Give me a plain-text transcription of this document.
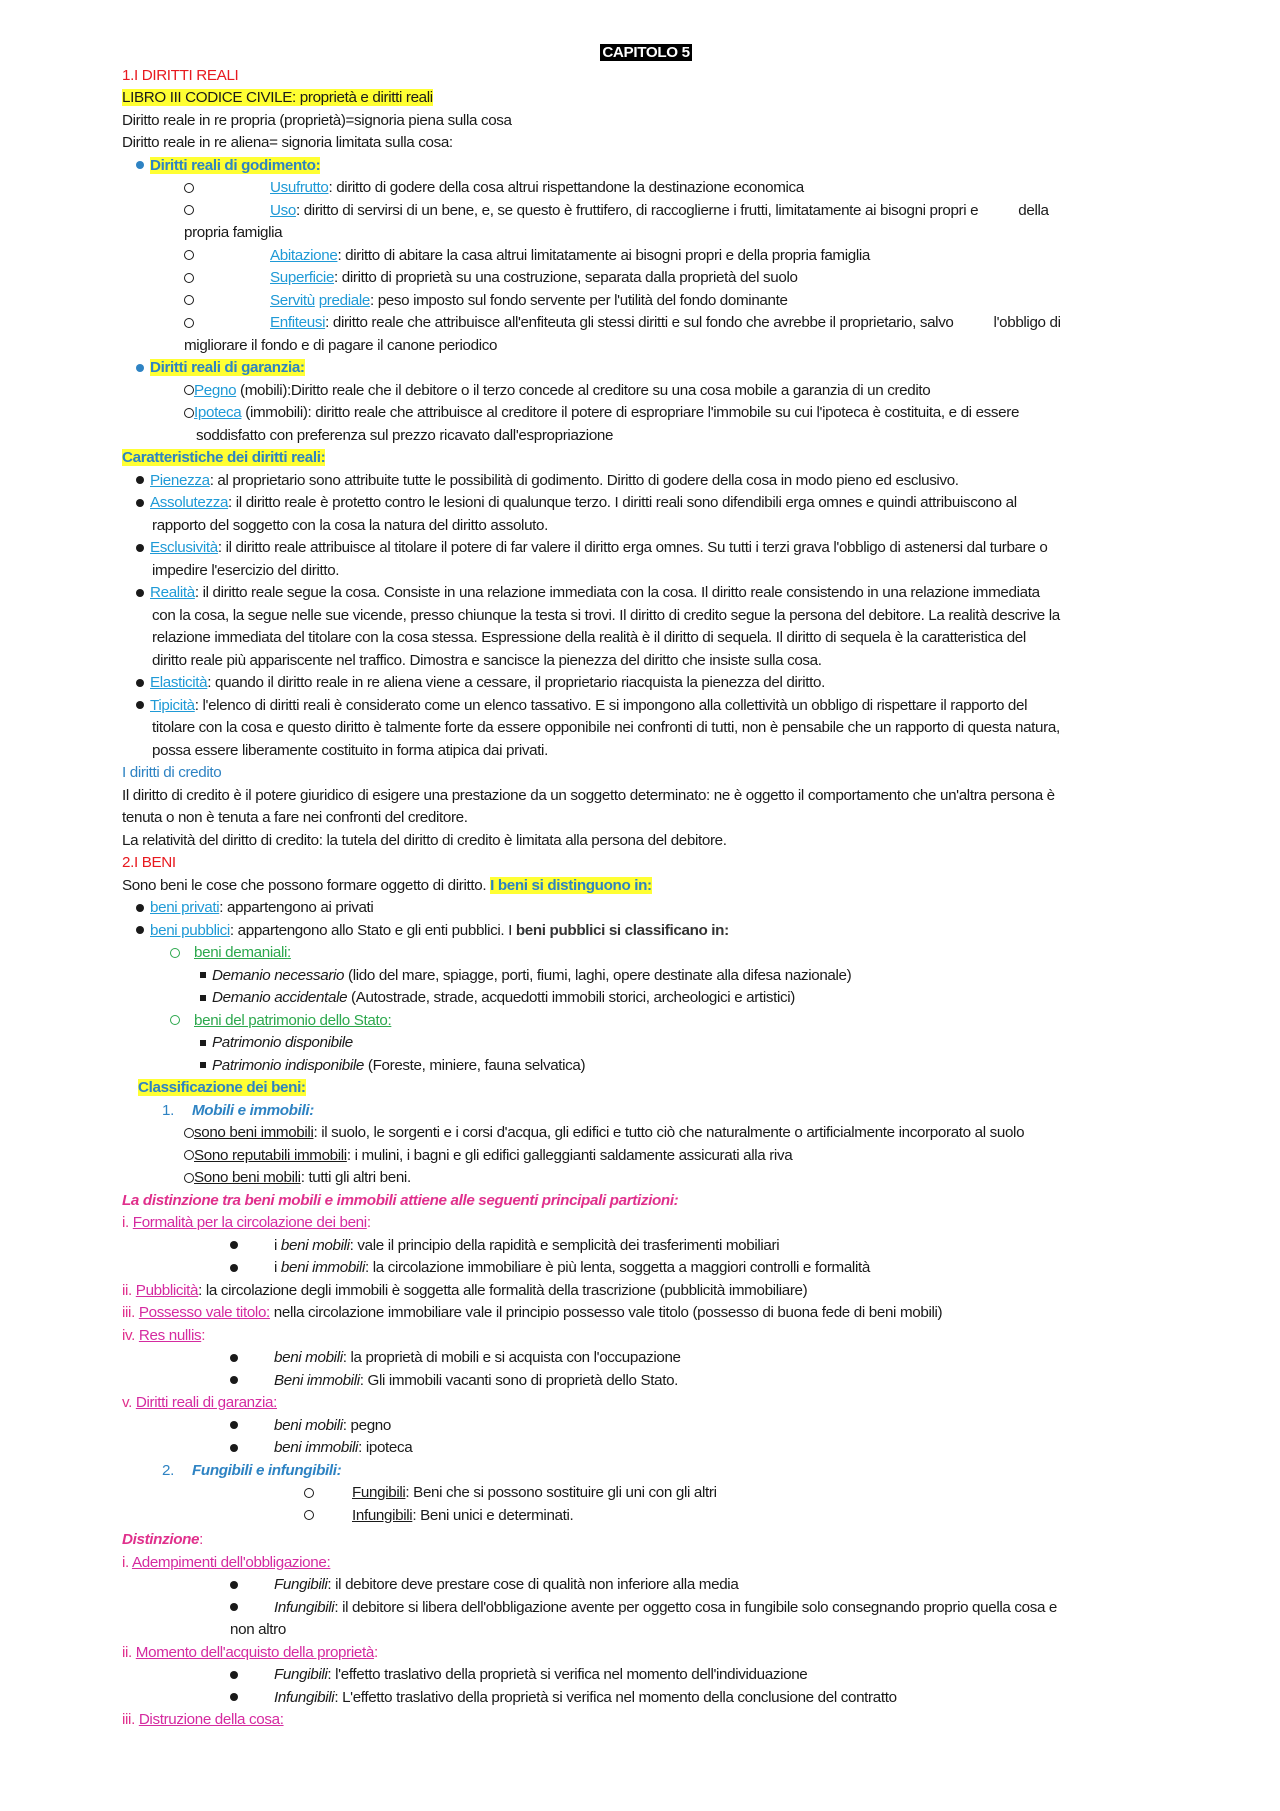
CAPITOLO 5
1.I DIRITTI REALI
LIBRO III CODICE CIVILE: proprietà e diritti reali
Diritto reale in re propria (proprietà)=signoria piena sulla cosa
Diritto reale in re aliena= signoria limitata sulla cosa:
Diritti reali di godimento:
Usufrutto: diritto di godere della cosa altrui rispettandone la destinazione economica
Uso: diritto di servirsi di un bene, e, se questo è fruttifero, di raccoglierne i frutti, limitatamente ai bisogni propri e	della
propria famiglia
Abitazione: diritto di abitare la casa altrui limitatamente ai bisogni propri e della propria famiglia
Superficie: diritto di proprietà su una costruzione, separata dalla proprietà del suolo
Servitù prediale: peso imposto sul fondo servente per l'utilità del fondo dominante
Enfiteusi: diritto reale che attribuisce all'enfiteuta gli stessi diritti e sul fondo che avrebbe il proprietario, salvo	l'obbligo di
migliorare il fondo e di pagare il canone periodico
Diritti reali di garanzia:
Pegno (mobili):Diritto reale che il debitore o il terzo concede al creditore su una cosa mobile a garanzia di un credito
Ipoteca (immobili): diritto reale che attribuisce al creditore il potere di espropriare l'immobile su cui l'ipoteca è costituita, e di essere
soddisfatto con preferenza sul prezzo ricavato dall'espropriazione
Caratteristiche dei diritti reali:
Pienezza: al proprietario sono attribuite tutte le possibilità di godimento. Diritto di godere della cosa in modo pieno ed esclusivo.
Assolutezza: il diritto reale è protetto contro le lesioni di qualunque terzo. I diritti reali sono difendibili erga omnes e quindi attribuiscono al
rapporto del soggetto con la cosa la natura del diritto assoluto.
Esclusività: il diritto reale attribuisce al titolare il potere di far valere il diritto erga omnes. Su tutti i terzi grava l'obbligo di astenersi dal turbare o
impedire l'esercizio del diritto.
Realità: il diritto reale segue la cosa. Consiste in una relazione immediata con la cosa. Il diritto reale consistendo in una relazione immediata
con la cosa, la segue nelle sue vicende, presso chiunque la testa si trovi. Il diritto di credito segue la persona del debitore. La realità descrive la
relazione immediata del titolare con la cosa stessa. Espressione della realità è il diritto di sequela. Il diritto di sequela è la caratteristica del
diritto reale più appariscente nel traffico. Dimostra e sancisce la pienezza del diritto che insiste sulla cosa.
Elasticità: quando il diritto reale in re aliena viene a cessare, il proprietario riacquista la pienezza del diritto.
Tipicità: l'elenco di diritti reali è considerato come un elenco tassativo. E si impongono alla collettività un obbligo di rispettare il rapporto del
titolare con la cosa e questo diritto è talmente forte da essere opponibile nei confronti di tutti, non è pensabile che un rapporto di questa natura,
possa essere liberamente costituito in forma atipica dai privati.
I diritti di credito
Il diritto di credito è il potere giuridico di esigere una prestazione da un soggetto determinato: ne è oggetto il comportamento che un'altra persona è
tenuta o non è tenuta a fare nei confronti del creditore.
La relatività del diritto di credito: la tutela del diritto di credito è limitata alla persona del debitore.
2.I BENI
Sono beni le cose che possono formare oggetto di diritto. I beni si distinguono in:
beni privati: appartengono ai privati
beni pubblici: appartengono allo Stato e gli enti pubblici. I beni pubblici si classificano in:
beni demaniali:
Demanio necessario (lido del mare, spiagge, porti, fiumi, laghi, opere destinate alla difesa nazionale)
Demanio accidentale (Autostrade, strade, acquedotti immobili storici, archeologici e artistici)
beni del patrimonio dello Stato:
Patrimonio disponibile
Patrimonio indisponibile (Foreste, miniere, fauna selvatica)
Classificazione dei beni:
1. Mobili e immobili:
sono beni immobili: il suolo, le sorgenti e i corsi d'acqua, gli edifici e tutto ciò che naturalmente o artificialmente incorporato al suolo
Sono reputabili immobili: i mulini, i bagni e gli edifici galleggianti saldamente assicurati alla riva
Sono beni mobili: tutti gli altri beni.
La distinzione tra beni mobili e immobili attiene alle seguenti principali partizioni:
i. Formalità per la circolazione dei beni:
i beni mobili: vale il principio della rapidità e semplicità dei trasferimenti mobiliari
i beni immobili: la circolazione immobiliare è più lenta, soggetta a maggiori controlli e formalità
ii. Pubblicità: la circolazione degli immobili è soggetta alle formalità della trascrizione (pubblicità immobiliare)
iii. Possesso vale titolo: nella circolazione immobiliare vale il principio possesso vale titolo (possesso di buona fede di beni mobili)
iv. Res nullis:
beni mobili: la proprietà di mobili e si acquista con l'occupazione
Beni immobili: Gli immobili vacanti sono di proprietà dello Stato.
v. Diritti reali di garanzia:
beni mobili: pegno
beni immobili: ipoteca
2. Fungibili e infungibili:
Fungibili: Beni che si possono sostituire gli uni con gli altri
Infungibili: Beni unici e determinati.
Distinzione:
i. Adempimenti dell'obbligazione:
Fungibili: il debitore deve prestare cose di qualità non inferiore alla media
Infungibili: il debitore si libera dell'obbligazione avente per oggetto cosa in fungibile solo consegnando proprio quella cosa e
non altro
ii. Momento dell'acquisto della proprietà:
Fungibili: l'effetto traslativo della proprietà si verifica nel momento dell'individuazione
Infungibili: L'effetto traslativo della proprietà si verifica nel momento della conclusione del contratto
iii. Distruzione della cosa:
